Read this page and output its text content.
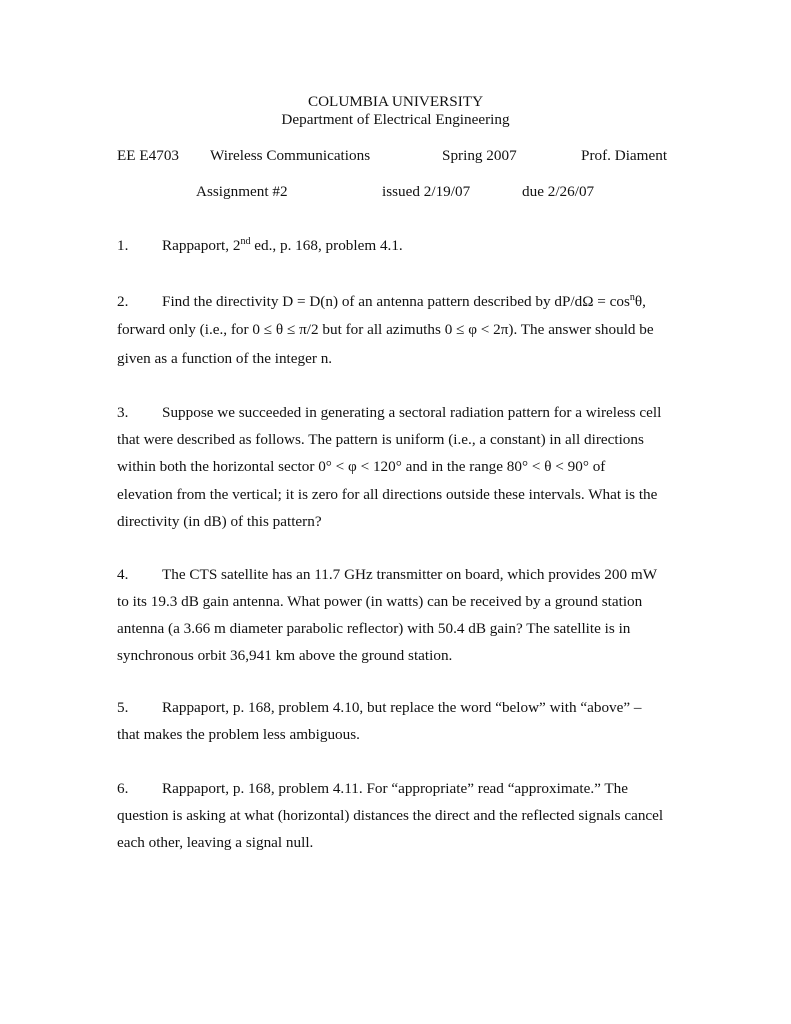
COLUMBIA UNIVERSITY
Department of Electrical Engineering
EE E4703 Wireless Communications	Spring 2007	Prof. Diament
Assignment #2	issued 2/19/07	due 2/26/07
1. Rappaport, 2nd ed., p. 168, problem 4.1.
2. Find the directivity D = D(n) of an antenna pattern described by $dP/d\Omega = \cos^n\theta$,
forward only (i.e., for 0 ≤ θ ≤ π/2 but for all azimuths 0 ≤ φ < 2π). The answer should be
given as a function of the integer n.
3. Suppose we succeeded in generating a sectoral radiation pattern for a wireless cell
that were described as follows. The pattern is uniform (i.e., a constant) in all directions
within both the horizontal sector 0° < φ < 120° and in the range 80° < θ < 90° of
elevation from the vertical; it is zero for all directions outside these intervals. What is the
directivity (in dB) of this pattern?
4. The CTS satellite has an 11.7 GHz transmitter on board, which provides 200 mW
to its 19.3 dB gain antenna. What power (in watts) can be received by a ground station
antenna (a 3.66 m diameter parabolic reflector) with 50.4 dB gain? The satellite is in
synchronous orbit 36,941 km above the ground station.
5. Rappaport, p. 168, problem 4.10, but replace the word “below” with “above” –
that makes the problem less ambiguous.
6. Rappaport, p. 168, problem 4.11. For “appropriate” read “approximate.” The
question is asking at what (horizontal) distances the direct and the reflected signals cancel
each other, leaving a signal null.
